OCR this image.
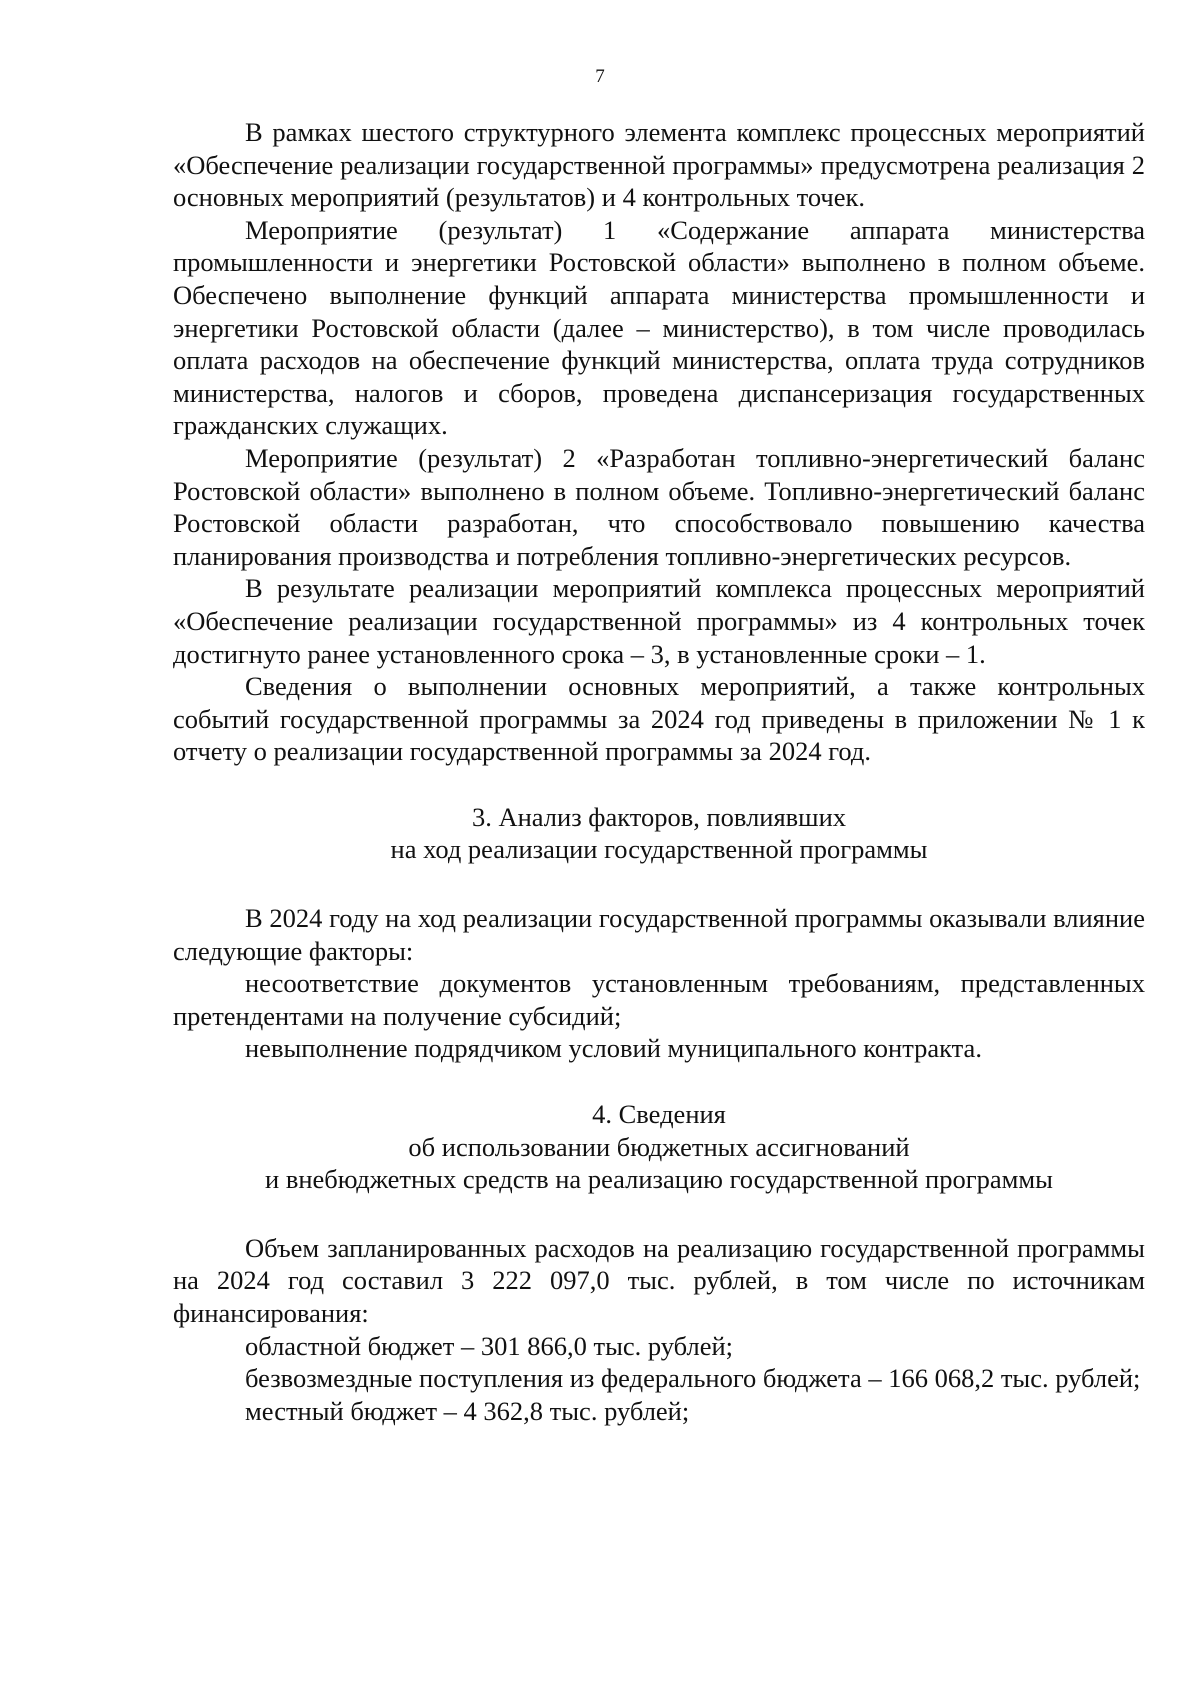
7

В рамках шестого структурного элемента комплекс процессных мероприятий «Обеспечение реализации государственной программы» предусмотрена реализация 2 основных мероприятий (результатов) и 4 контрольных точек.

Мероприятие (результат) 1 «Содержание аппарата министерства промышленности и энергетики Ростовской области» выполнено в полном объеме. Обеспечено выполнение функций аппарата министерства промышленности и энергетики Ростовской области (далее – министерство), в том числе проводилась оплата расходов на обеспечение функций министерства, оплата труда сотрудников министерства, налогов и сборов, проведена диспансеризация государственных гражданских служащих.

Мероприятие (результат) 2 «Разработан топливно-энергетический баланс Ростовской области» выполнено в полном объеме. Топливно-энергетический баланс Ростовской области разработан, что способствовало повышению качества планирования производства и потребления топливно-энергетических ресурсов.

В результате реализации мероприятий комплекса процессных мероприятий «Обеспечение реализации государственной программы» из 4 контрольных точек достигнуто ранее установленного срока – 3, в установленные сроки – 1.

Сведения о выполнении основных мероприятий, а также контрольных событий государственной программы за 2024 год приведены в приложении № 1 к отчету о реализации государственной программы за 2024 год.

3. Анализ факторов, повлиявших
на ход реализации государственной программы

В 2024 году на ход реализации государственной программы оказывали влияние следующие факторы:

несоответствие документов установленным требованиям, представленных претендентами на получение субсидий;

невыполнение подрядчиком условий муниципального контракта.

4. Сведения
об использовании бюджетных ассигнований
и внебюджетных средств на реализацию государственной программы

Объем запланированных расходов на реализацию государственной программы на 2024 год составил 3 222 097,0 тыс. рублей, в том числе по источникам финансирования:

областной бюджет – 301 866,0 тыс. рублей;

безвозмездные поступления из федерального бюджета – 166 068,2 тыс. рублей;

местный бюджет – 4 362,8 тыс. рублей;
